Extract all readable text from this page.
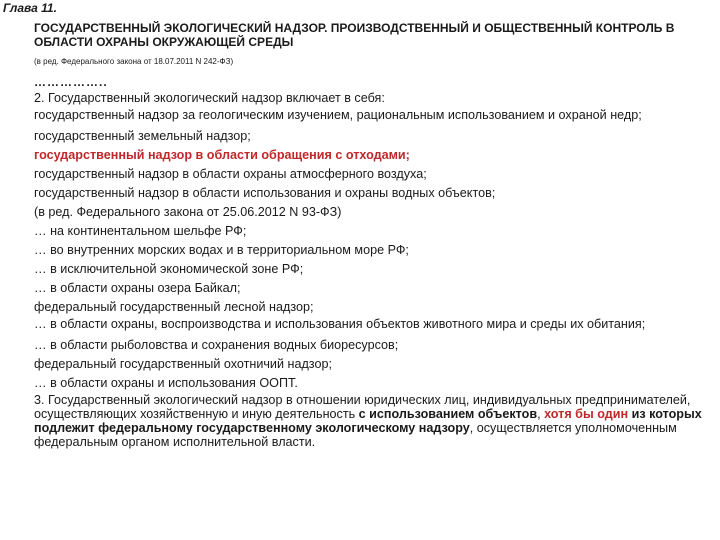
Глава 11.
ГОСУДАРСТВЕННЫЙ ЭКОЛОГИЧЕСКИЙ НАДЗОР. ПРОИЗВОДСТВЕННЫЙ И ОБЩЕСТВЕННЫЙ КОНТРОЛЬ В ОБЛАСТИ ОХРАНЫ ОКРУЖАЮЩЕЙ СРЕДЫ
(в ред. Федерального закона от 18.07.2011 N 242-ФЗ)
……………..

2. Государственный экологический надзор включает в себя:

государственный надзор за геологическим изучением, рациональным использованием и охраной недр;

государственный земельный надзор;

государственный надзор в области обращения с отходами;

государственный надзор в области охраны атмосферного воздуха;

государственный надзор в области использования и охраны водных объектов;

(в ред. Федерального закона от 25.06.2012 N 93-ФЗ)

… на континентальном шельфе РФ;

… во внутренних морских водах и в территориальном море РФ;

… в исключительной экономической зоне РФ;

… в области охраны озера Байкал;

федеральный государственный лесной надзор;

… в области охраны, воспроизводства и использования объектов животного мира и среды их обитания;

… в области рыболовства и сохранения водных биоресурсов;

федеральный государственный охотничий надзор;

… в области охраны и использования ООПТ.

3. Государственный экологический надзор в отношении юридических лиц, индивидуальных предпринимателей, осуществляющих хозяйственную и иную деятельность с использованием объектов, хотя бы один из которых подлежит федеральному государственному экологическому надзору, осуществляется уполномоченным федеральным органом исполнительной власти.
